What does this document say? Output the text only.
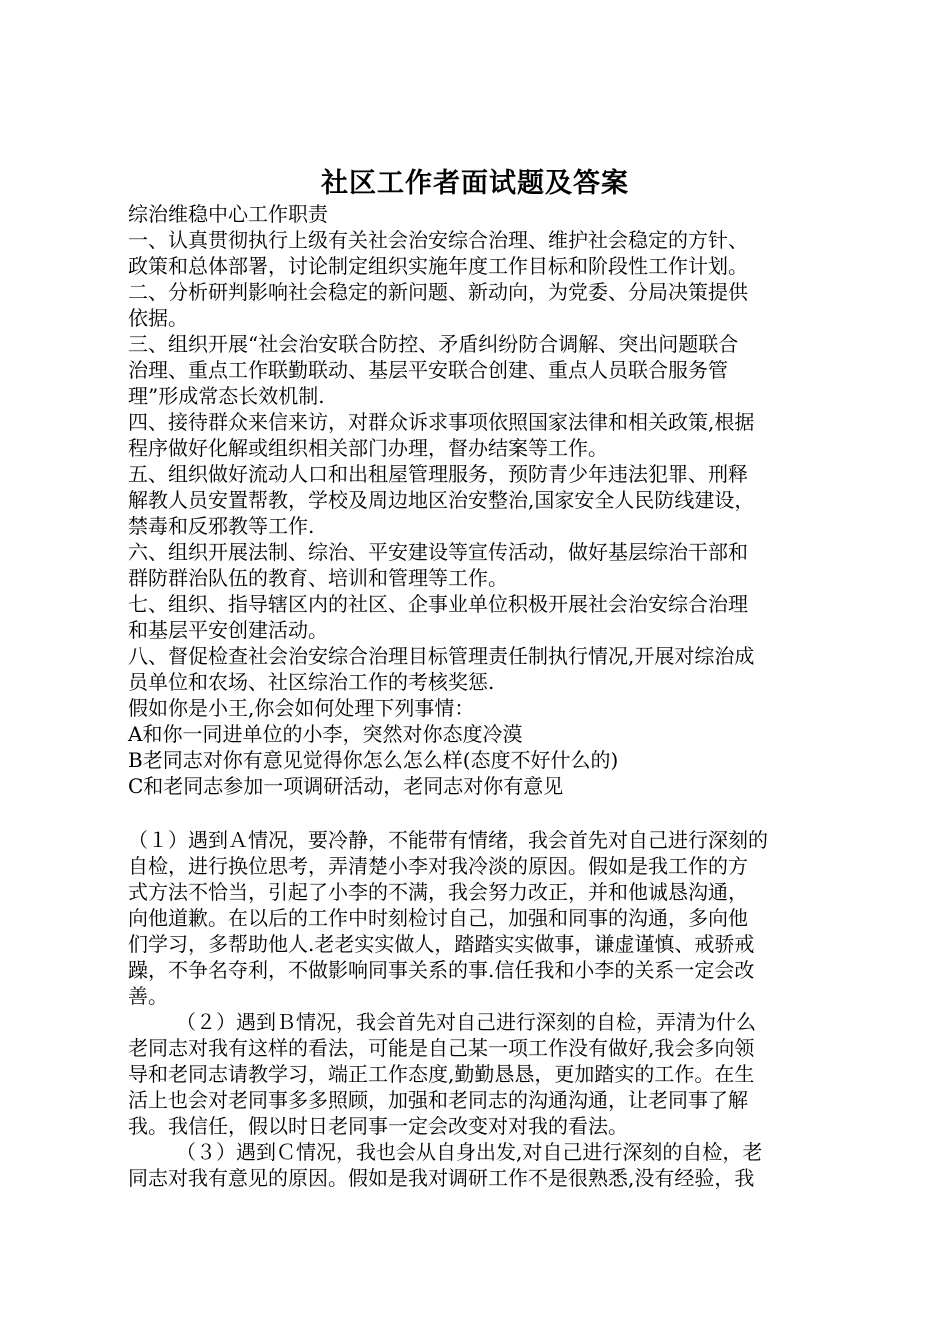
社区工作者面试题及答案
综治维稳中心工作职责
一、认真贯彻执行上级有关社会治安综合治理、维护社会稳定的方针、
政策和总体部署，讨论制定组织实施年度工作目标和阶段性工作计划。
二、分析研判影响社会稳定的新问题、新动向，为党委、分局决策提供
依据。
三、组织开展“社会治安联合防控、矛盾纠纷防合调解、突出问题联合
治理、重点工作联勤联动、基层平安联合创建、重点人员联合服务管
理”形成常态长效机制.
四、接待群众来信来访，对群众诉求事项依照国家法律和相关政策,根据
程序做好化解或组织相关部门办理，督办结案等工作。
五、组织做好流动人口和出租屋管理服务，预防青少年违法犯罪、刑释
解教人员安置帮教，学校及周边地区治安整治,国家安全人民防线建设，
禁毒和反邪教等工作.
六、组织开展法制、综治、平安建设等宣传活动，做好基层综治干部和
群防群治队伍的教育、培训和管理等工作。
七、组织、指导辖区内的社区、企事业单位积极开展社会治安综合治理
和基层平安创建活动。
八、督促检查社会治安综合治理目标管理责任制执行情况,开展对综治成
员单位和农场、社区综治工作的考核奖惩.
假如你是小王,你会如何处理下列事情：
A和你一同进单位的小李，突然对你态度冷漠
B老同志对你有意见觉得你怎么怎么样(态度不好什么的)
C和老同志参加一项调研活动，老同志对你有意见
（１）遇到Ａ情况，要冷静，不能带有情绪，我会首先对自己进行深刻的
自检，进行换位思考，弄清楚小李对我冷淡的原因。假如是我工作的方
式方法不恰当，引起了小李的不满，我会努力改正，并和他诚恳沟通，
向他道歉。在以后的工作中时刻检讨自己，加强和同事的沟通，多向他
们学习，多帮助他人.老老实实做人，踏踏实实做事，谦虚谨慎、戒骄戒
躁，不争名夺利，不做影响同事关系的事.信任我和小李的关系一定会改
善。
（２）遇到Ｂ情况，我会首先对自己进行深刻的自检，弄清为什么
老同志对我有这样的看法，可能是自己某一项工作没有做好,我会多向领
导和老同志请教学习，端正工作态度,勤勤恳恳，更加踏实的工作。在生
活上也会对老同事多多照顾，加强和老同志的沟通沟通，让老同事了解
我。我信任，假以时日老同事一定会改变对对我的看法。
（３）遇到Ｃ情况，我也会从自身出发,对自己进行深刻的自检，老
同志对我有意见的原因。假如是我对调研工作不是很熟悉,没有经验，我
